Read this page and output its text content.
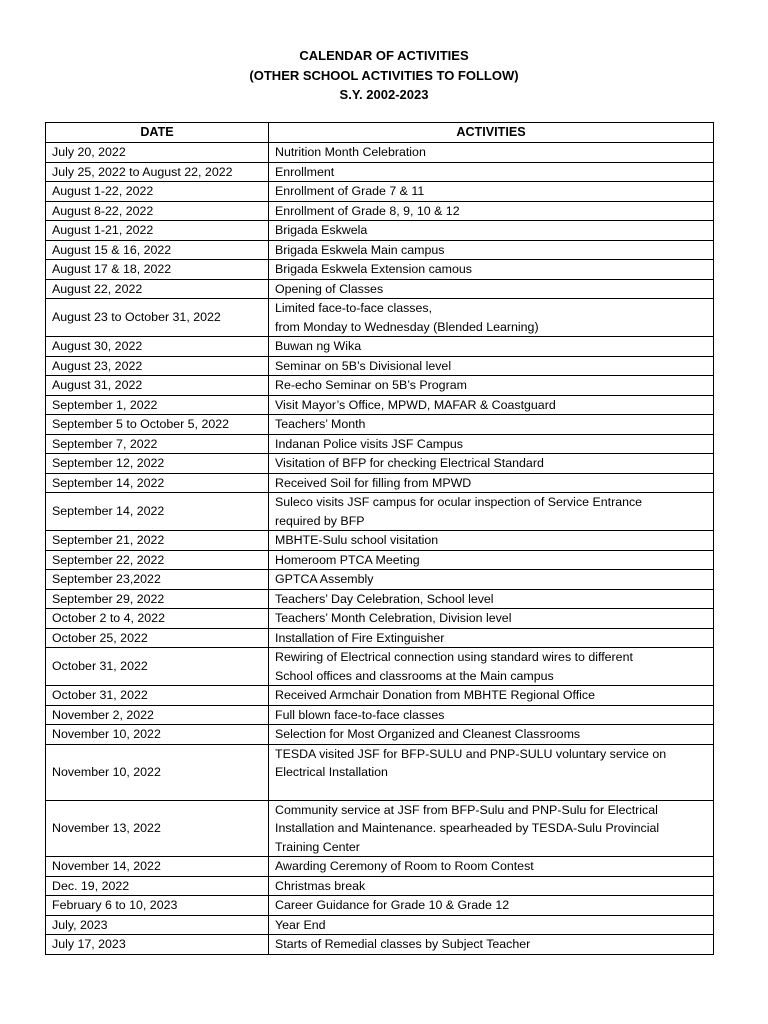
CALENDAR OF ACTIVITIES
(OTHER SCHOOL ACTIVITIES TO FOLLOW)
S.Y. 2002-2023
DATE	ACTIVITIES
July 20, 2022	Nutrition Month Celebration

July 25, 2022 to August 22, 2022	Enrollment

August 1-22, 2022	Enrollment of Grade 7 & 11

August 8-22, 2022	Enrollment of Grade 8, 9, 10 & 12

August 1-21, 2022	Brigada Eskwela

August 15 & 16, 2022	Brigada Eskwela Main campus

August 17 & 18, 2022	Brigada Eskwela Extension camous

August 22, 2022	Opening of Classes

August 23 to October 31, 2022	Limited face-to-face classes,
from Monday to Wednesday (Blended Learning)

August 30, 2022	Buwan ng Wika

August 23, 2022	Seminar on 5B’s Divisional level

August 31, 2022	Re-echo Seminar on 5B’s Program

September 1, 2022	Visit Mayor’s Office, MPWD, MAFAR & Coastguard

September 5 to October 5, 2022	Teachers’ Month

September 7, 2022	Indanan Police visits JSF Campus

September 12, 2022	Visitation of BFP for checking Electrical Standard

September 14, 2022	Received Soil for filling from MPWD

September 14, 2022	Suleco visits JSF campus for ocular inspection of Service Entrance
required by BFP

September 21, 2022	MBHTE-Sulu school visitation

September 22, 2022	Homeroom PTCA Meeting

September 23,2022	GPTCA Assembly

September 29, 2022	Teachers’ Day Celebration, School level

October 2 to 4, 2022	Teachers’ Month Celebration, Division level

October 25, 2022	Installation of Fire Extinguisher

October 31, 2022	Rewiring of Electrical connection using standard wires to different
School offices and classrooms at the Main campus

October 31, 2022	Received Armchair Donation from MBHTE Regional Office

November 2, 2022	Full blown face-to-face classes

November 10, 2022	Selection for Most Organized and Cleanest Classrooms

November 10, 2022	TESDA visited JSF for BFP-SULU and PNP-SULU voluntary service on
Electrical Installation

November 13, 2022	Community service at JSF from BFP-Sulu and PNP-Sulu for Electrical
Installation and Maintenance. spearheaded by TESDA-Sulu Provincial
Training Center

November 14, 2022	Awarding Ceremony of Room to Room Contest

Dec. 19, 2022	Christmas break

February 6 to 10, 2023	Career Guidance for Grade 10 & Grade 12

July, 2023	Year End

July 17, 2023	Starts of Remedial classes by Subject Teacher
